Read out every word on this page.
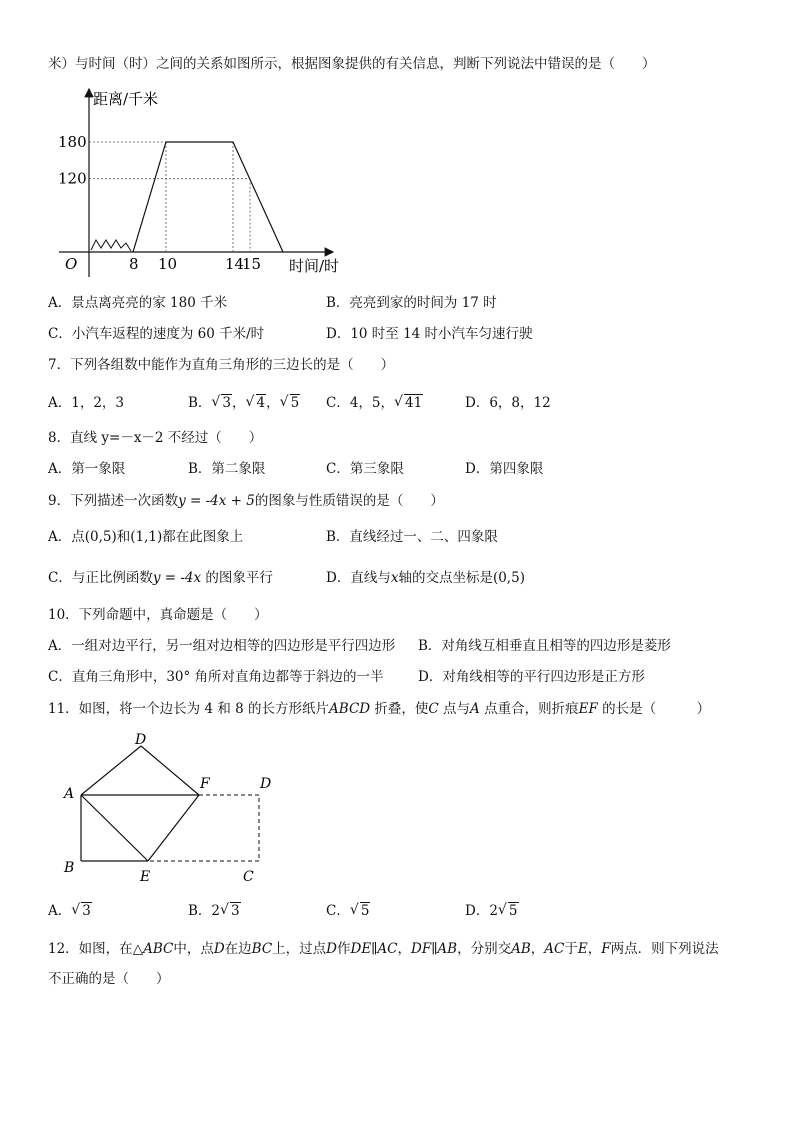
米）与时间（时）之间的关系如图所示，根据图象提供的有关信息，判断下列说法中错误的是（　　）
距离/千米
时间/时
O	8 10	14
15
180
120
A．景点离亮亮的家 180 千米	B．亮亮到家的时间为 17 时
C．小汽车返程的速度为 60 千米/时	D．10 时至 14 时小汽车匀速行驶
7．下列各组数中能作为直角三角形的三边长的是（　　）
A．1，2，3	B． √ 3， √ 4， √ 5 C．4，5， √ 41	D．6，8，12
8．直线 y=－x－2 不经过（　　）
A．第一象限	B．第二象限	C．第三象限	D．第四象限
9．下列描述一次函数y = -4x + 5的图象与性质错误的是（　　）
A．点(0,5)和(1,1)都在此图象上	B．直线经过一、二、四象限
C．与正比例函数y = -4x 的图象平行	D．直线与x轴的交点坐标是(0,5)
10．下列命题中，真命题是（　　）
A．一组对边平行，另一组对边相等的四边形是平行四边形 B．对角线互相垂直且相等的四边形是菱形
C．直角三角形中，30° 角所对直角边都等于斜边的一半	D．对角线相等的平行四边形是正方形
11．如图，将一个边长为 4 和 8 的长方形纸片ABCD 折叠，使C 点与A 点重合，则折痕EF 的长是（　　　）
D
A
F	D
B
E	C
A． √ 3	B．2 √ 3	C． √ 5	D．2 √ 5
12．如图，在△ABC中，点D在边BC上，过点D作DE∥AC，DF∥AB，分别交AB，AC于E，F两点．则下列说法
不正确的是（　　）
